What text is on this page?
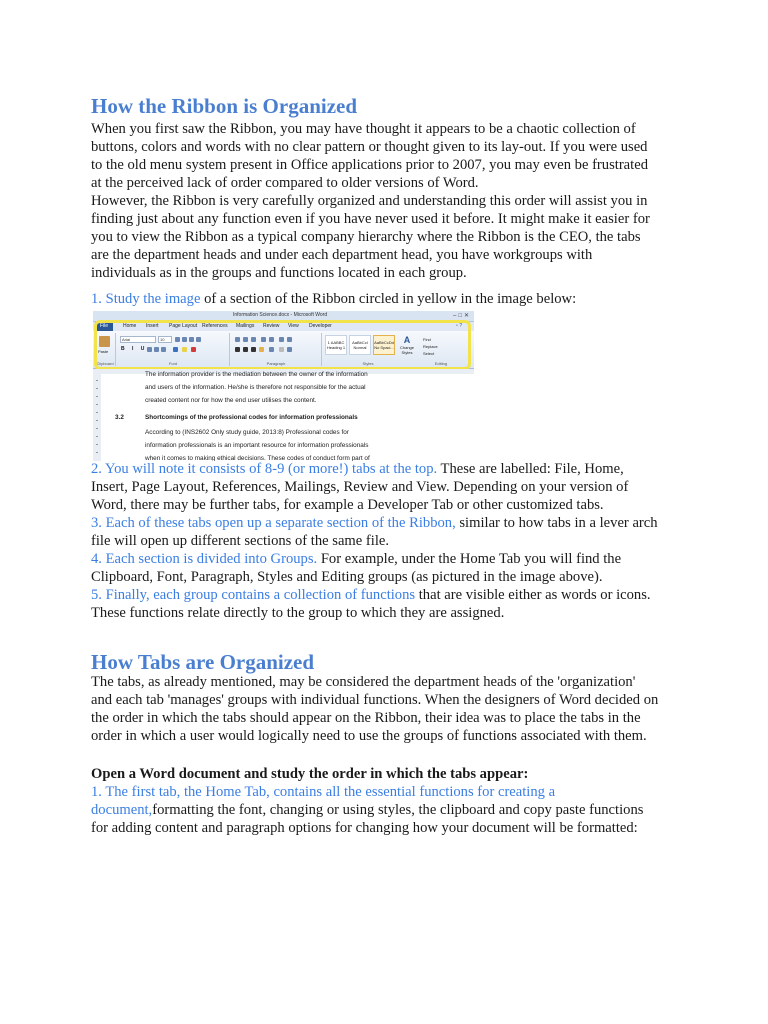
How the Ribbon is Organized
When you first saw the Ribbon, you may have thought it appears to be a chaotic collection of
buttons, colors and words with no clear pattern or thought given to its lay-out. If you were used
to the old menu system present in Office applications prior to 2007, you may even be frustrated
at the perceived lack of order compared to older versions of Word.
However, the Ribbon is very carefully organized and understanding this order will assist you in
finding just about any function even if you have never used it before. It might make it easier for
you to view the Ribbon as a typical company hierarchy where the Ribbon is the CEO, the tabs
are the department heads and under each department head, you have workgroups with
individuals as in the groups and functions located in each group.
1. Study the image of a section of the Ribbon circled in yellow in the image below:
2. You will note it consists of 8-9 (or more!) tabs at the top. These are labelled: File, Home,
Insert, Page Layout, References, Mailings, Review and View. Depending on your version of
Word, there may be further tabs, for example a Developer Tab or other customized tabs.
3. Each of these tabs open up a separate section of the Ribbon, similar to how tabs in a lever arch
file will open up different sections of the same file.
4. Each section is divided into Groups. For example, under the Home Tab you will find the
Clipboard, Font, Paragraph, Styles and Editing groups (as pictured in the image above).
5. Finally, each group contains a collection of functions that are visible either as words or icons.
These functions relate directly to the group to which they are assigned.
How Tabs are Organized
The tabs, as already mentioned, may be considered the department heads of the 'organization'
and each tab 'manages' groups with individual functions. When the designers of Word decided on
the order in which the tabs should appear on the Ribbon, their idea was to place the tabs in the
order in which a user would logically need to use the groups of functions associated with them.
Open a Word document and study the order in which the tabs appear:
1. The first tab, the Home Tab, contains all the essential functions for creating a
document,formatting the font, changing or using styles, the clipboard and copy paste functions
for adding content and paragraph options for changing how your document will be formatted:
Information Science.docx - Microsoft Word	–□✕
File	Home Insert Page Layout References Mailings Review View Developer	◔ ?
Paste
Clipboard
Arial	10
B I U
Font	Paragraph	Styles
1 AABBC
Heading 1
AaBbCcI
Normal
AaBbCcDd
No Spaci...
A
Change Styles
Find
Replace
Select
Editing
The information provider is the mediation between the owner of the information
and users of the information. He/she is therefore not responsible for the actual
created content nor for how the end user utilises the content.
3.2	Shortcomings of the professional codes for information professionals
According to (INS2602 Only study guide, 2013:8) Professional codes for
information professionals is an important resource for information professionals
when it comes to making ethical decisions. These codes of conduct form part of
